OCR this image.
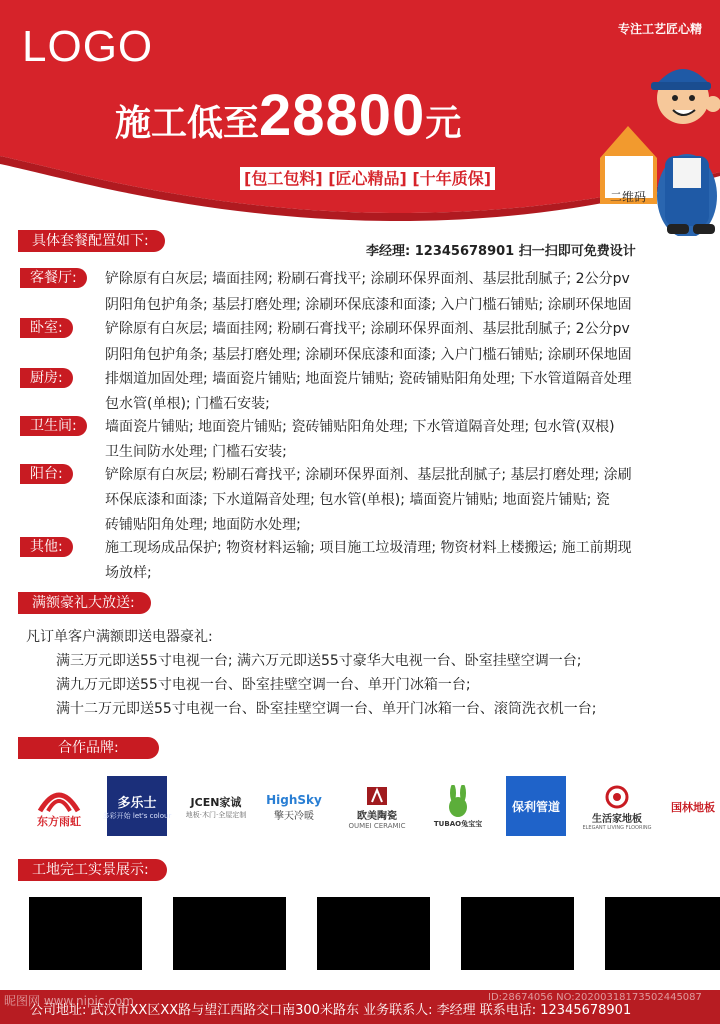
LOGO	专注工艺匠心精
施工低至28800元
[包工包料] [匠心精品] [十年质保]
二维码
具体套餐配置如下:
李经理: 12345678901 扫一扫即可免费设计
客餐厅:	铲除原有白灰层; 墙面挂网; 粉刷石膏找平; 涂刷环保界面剂、基层批刮腻子; 2公分pv
阴阳角包护角条; 基层打磨处理; 涂刷环保底漆和面漆; 入户门槛石铺贴; 涂刷环保地固
卧室:	铲除原有白灰层; 墙面挂网; 粉刷石膏找平; 涂刷环保界面剂、基层批刮腻子; 2公分pv
阴阳角包护角条; 基层打磨处理; 涂刷环保底漆和面漆; 入户门槛石铺贴; 涂刷环保地固
厨房:	排烟道加固处理; 墙面瓷片铺贴; 地面瓷片铺贴; 瓷砖铺贴阳角处理; 下水管道隔音处理
包水管(单根); 门槛石安装;
卫生间:	墙面瓷片铺贴; 地面瓷片铺贴; 瓷砖铺贴阳角处理; 下水管道隔音处理; 包水管(双根)
卫生间防水处理; 门槛石安装;
阳台:	铲除原有白灰层; 粉刷石膏找平; 涂刷环保界面剂、基层批刮腻子; 基层打磨处理; 涂刷
环保底漆和面漆; 下水道隔音处理; 包水管(单根); 墙面瓷片铺贴; 地面瓷片铺贴; 瓷
砖铺贴阳角处理; 地面防水处理;
其他:	施工现场成品保护; 物资材料运输; 项目施工垃圾清理; 物资材料上楼搬运; 施工前期现
场放样;
满额豪礼大放送:
凡订单客户满额即送电器豪礼:
满三万元即送55寸电视一台; 满六万元即送55寸豪华大电视一台、卧室挂壁空调一台;
满九万元即送55寸电视一台、卧室挂壁空调一台、单开门冰箱一台;
满十二万元即送55寸电视一台、卧室挂壁空调一台、单开门冰箱一台、滚筒洗衣机一台;
合作品牌:
东方雨虹
多乐士
多彩开始 let's colour
JCEN家诚
地板·木门·全屋定制
HighSky
擎天冷暖	欧美陶瓷
OUMEI CERAMIC	TUBAO兔宝宝
保利管道
生活家地板
ELEGANT LIVING FLOORING
国林地板
工地完工实景展示:
公司地址: 武汉市XX区XX路与望江西路交口南300米路东 业务联系人: 李经理 联系电话: 12345678901
昵图网 www.nipic.com	ID:28674056 NO:20200318173502445087
